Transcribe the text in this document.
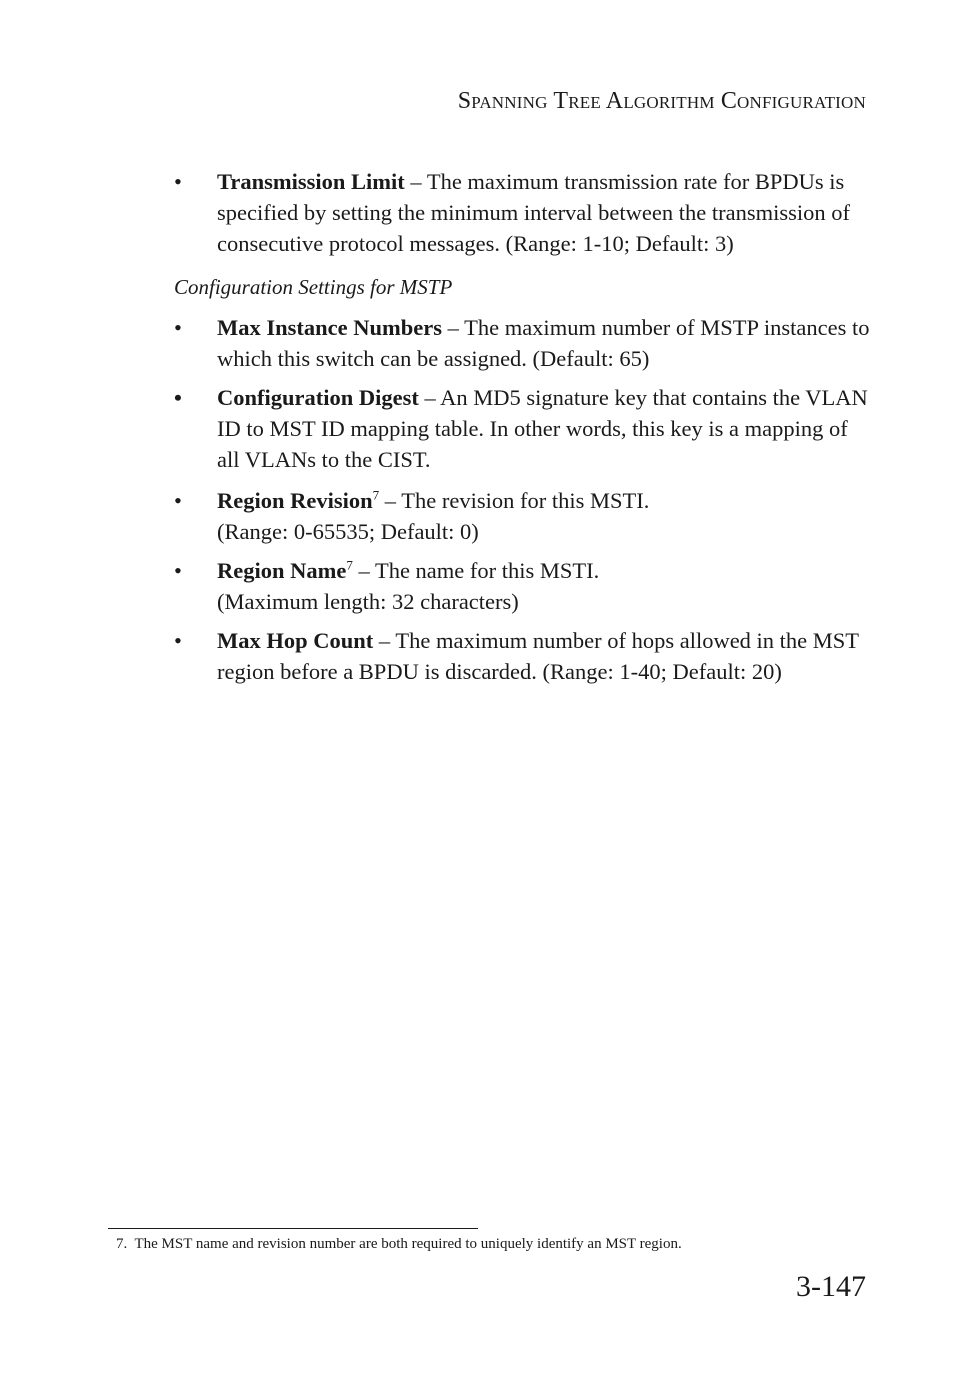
Spanning Tree Algorithm Configuration
• Transmission Limit – The maximum transmission rate for BPDUs is specified by setting the minimum interval between the transmission of consecutive protocol messages. (Range: 1-10; Default: 3)
Configuration Settings for MSTP
• Max Instance Numbers – The maximum number of MSTP instances to which this switch can be assigned. (Default: 65)
• Configuration Digest – An MD5 signature key that contains the VLAN ID to MST ID mapping table. In other words, this key is a mapping of all VLANs to the CIST.
• Region Revision$^7$ – The revision for this MSTI.
(Range: 0-65535; Default: 0)
• Region Name$^7$ – The name for this MSTI.
(Maximum length: 32 characters)
• Max Hop Count – The maximum number of hops allowed in the MST region before a BPDU is discarded. (Range: 1-40; Default: 20)
7. The MST name and revision number are both required to uniquely identify an MST region.
3-147
